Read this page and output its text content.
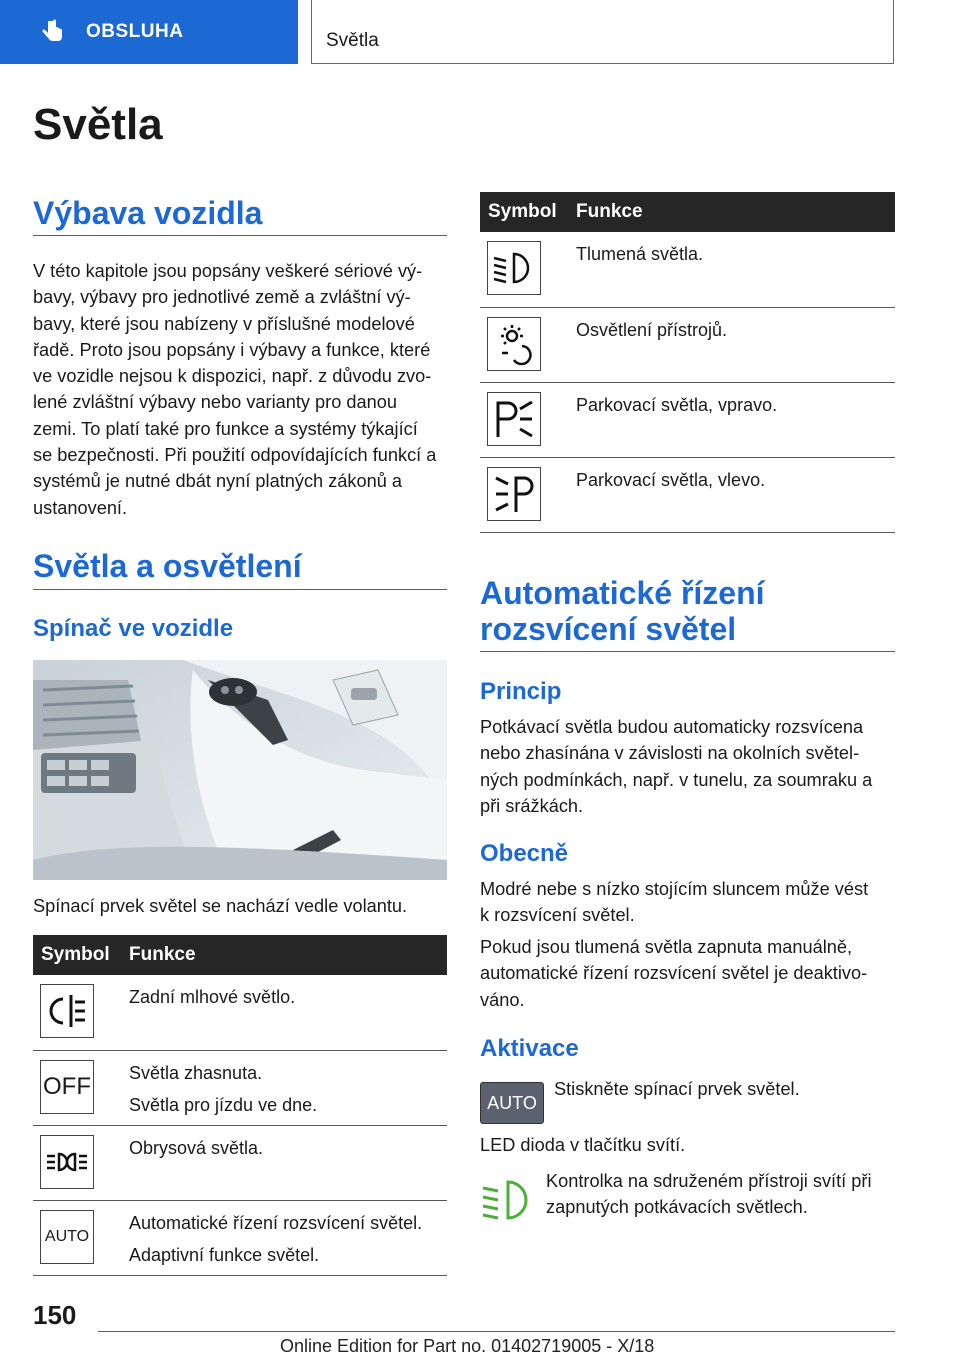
OBSLUHA	Světla
Světla
Výbava vozidla
V této kapitole jsou popsány veškeré sériové vý‐
bavy, výbavy pro jednotlivé země a zvláštní vý‐
bavy, které jsou nabízeny v příslušné modelové
řadě. Proto jsou popsány i výbavy a funkce, které
ve vozidle nejsou k dispozici, např. z důvodu zvo‐
lené zvláštní výbavy nebo varianty pro danou
zemi. To platí také pro funkce a systémy týkající
se bezpečnosti. Při použití odpovídajících funkcí a
systémů je nutné dbát nyní platných zákonů a
ustanovení.
Světla a osvětlení
Spínač ve vozidle
Spínací prvek světel se nachází vedle volantu.
Symbol	Funkce

Zadní mlhové světlo.

OFF	Světla zhasnuta.
Světla pro jízdu ve dne.

Obrysová světla.

AUTO	Automatické řízení rozsvícení světel.
Adaptivní funkce světel.
Symbol	Funkce

Tlumená světla.

Osvětlení přístrojů.

Parkovací světla, vpravo.

Parkovací světla, vlevo.
Automatické řízení
rozsvícení světel
Princip
Potkávací světla budou automaticky rozsvícena
nebo zhasínána v závislosti na okolních světel‐
ných podmínkách, např. v tunelu, za soumraku a
při srážkách.
Obecně
Modré nebe s nízko stojícím sluncem může vést
k rozsvícení světel.
Pokud jsou tlumená světla zapnuta manuálně,
automatické řízení rozsvícení světel je deaktivo‐
váno.
Aktivace
AUTO
Stiskněte spínací prvek světel.
LED dioda v tlačítku svítí.
Kontrolka na sdruženém přístroji svítí při
zapnutých potkávacích světlech.
150
Online Edition for Part no. 01402719005 - X/18
